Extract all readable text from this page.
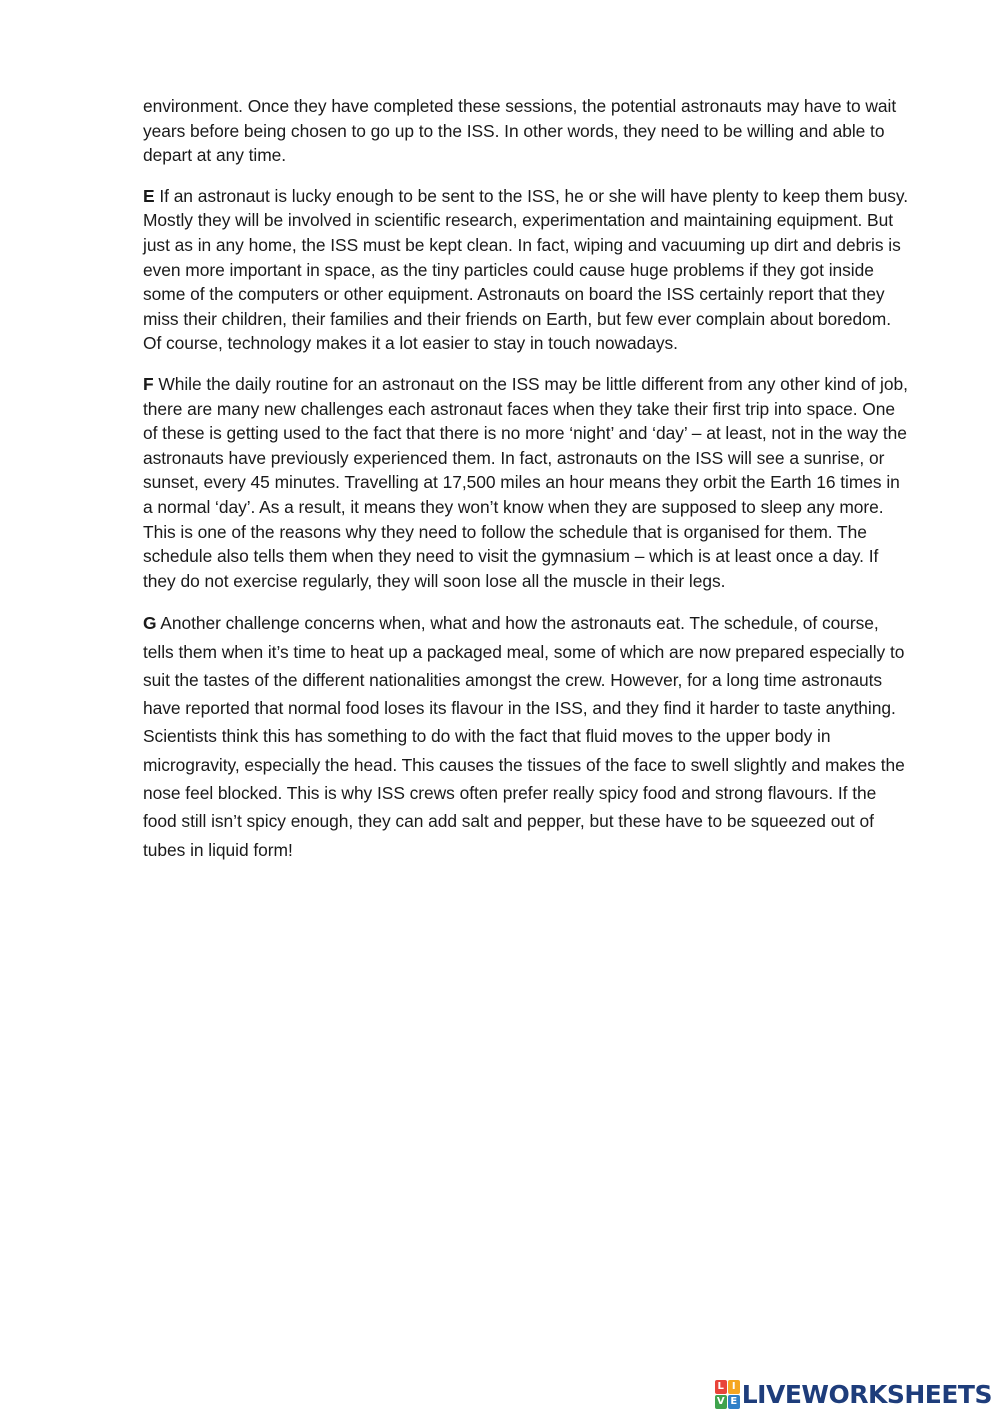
environment. Once they have completed these sessions, the potential astronauts may have to wait years before being chosen to go up to the ISS. In other words, they need to be willing and able to depart at any time.

E If an astronaut is lucky enough to be sent to the ISS, he or she will have plenty to keep them busy. Mostly they will be involved in scientific research, experimentation and maintaining equipment. But just as in any home, the ISS must be kept clean. In fact, wiping and vacuuming up dirt and debris is even more important in space, as the tiny particles could cause huge problems if they got inside some of the computers or other equipment. Astronauts on board the ISS certainly report that they miss their children, their families and their friends on Earth, but few ever complain about boredom. Of course, technology makes it a lot easier to stay in touch nowadays.

F While the daily routine for an astronaut on the ISS may be little different from any other kind of job, there are many new challenges each astronaut faces when they take their first trip into space. One of these is getting used to the fact that there is no more ‘night’ and ‘day’ – at least, not in the way the astronauts have previously experienced them. In fact, astronauts on the ISS will see a sunrise, or sunset, every 45 minutes. Travelling at 17,500 miles an hour means they orbit the Earth 16 times in a normal ‘day’. As a result, it means they won’t know when they are supposed to sleep any more. This is one of the reasons why they need to follow the schedule that is organised for them. The schedule also tells them when they need to visit the gymnasium – which is at least once a day. If they do not exercise regularly, they will soon lose all the muscle in their legs.

G Another challenge concerns when, what and how the astronauts eat. The schedule, of course, tells them when it’s time to heat up a packaged meal, some of which are now prepared especially to suit the tastes of the different nationalities amongst the crew. However, for a long time astronauts have reported that normal food loses its flavour in the ISS, and they find it harder to taste anything. Scientists think this has something to do with the fact that fluid moves to the upper body in microgravity, especially the head. This causes the tissues of the face to swell slightly and makes the nose feel blocked. This is why ISS crews often prefer really spicy food and strong flavours. If the food still isn’t spicy enough, they can add salt and pepper, but these have to be squeezed out of tubes in liquid form!

L I
V E LIVEWORKSHEETS
